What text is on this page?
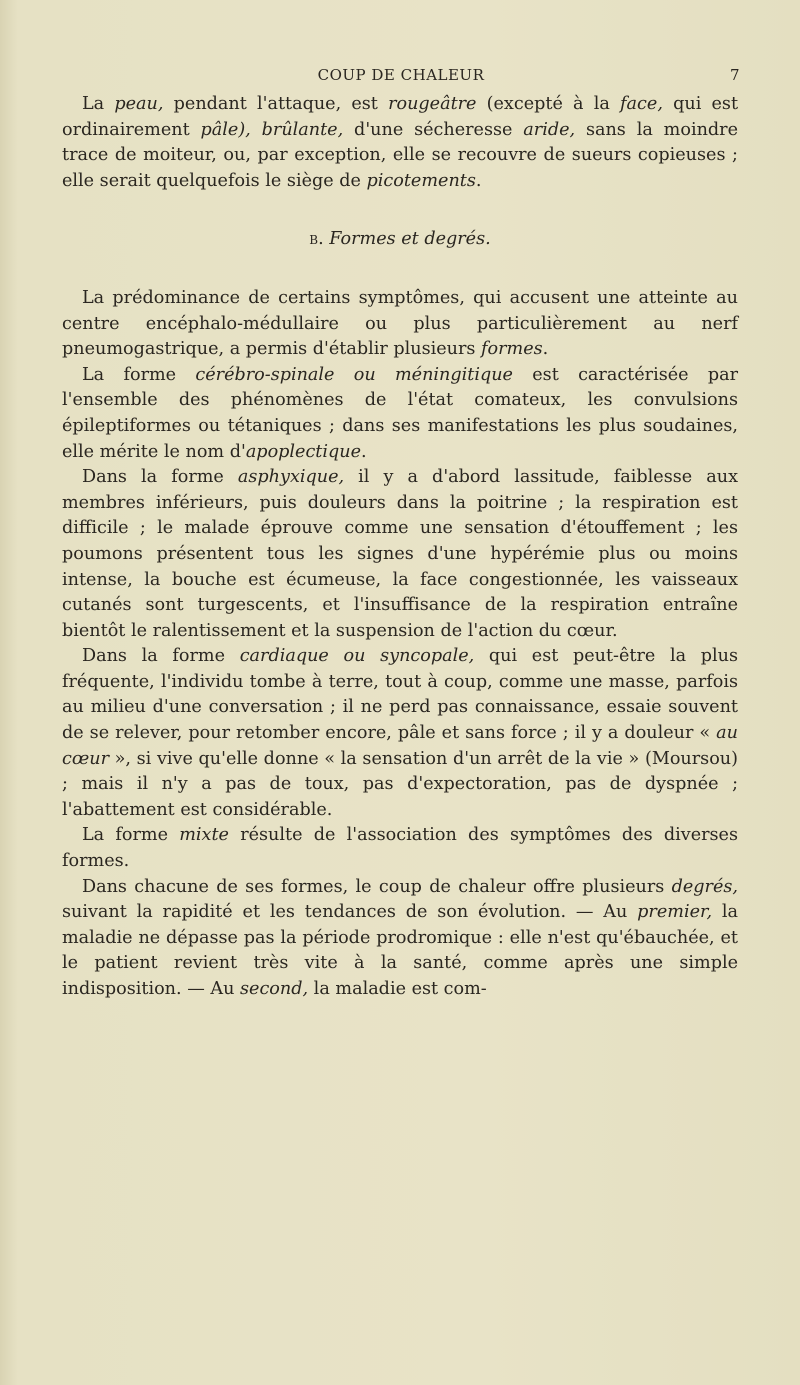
COUP DE CHALEUR	7

La peau, pendant l'attaque, est rougeâtre (excepté à la face, qui est ordinairement pâle), brûlante, d'une sécheresse aride, sans la moindre trace de moiteur, ou, par exception, elle se recouvre de sueurs copieuses ; elle serait quelquefois le siège de picotements.

b. Formes et degrés.

La prédominance de certains symptômes, qui accusent une atteinte au centre encéphalo-médullaire ou plus particulièrement au nerf pneumogastrique, a permis d'établir plusieurs formes.

La forme cérébro-spinale ou méningitique est caractérisée par l'ensemble des phénomènes de l'état comateux, les convulsions épileptiformes ou tétaniques ; dans ses manifestations les plus soudaines, elle mérite le nom d'apoplectique.

Dans la forme asphyxique, il y a d'abord lassitude, faiblesse aux membres inférieurs, puis douleurs dans la poitrine ; la respiration est difficile ; le malade éprouve comme une sensation d'étouffement ; les poumons présentent tous les signes d'une hypérémie plus ou moins intense, la bouche est écumeuse, la face congestionnée, les vaisseaux cutanés sont turgescents, et l'insuffisance de la respiration entraîne bientôt le ralentissement et la suspension de l'action du cœur.

Dans la forme cardiaque ou syncopale, qui est peut-être la plus fréquente, l'individu tombe à terre, tout à coup, comme une masse, parfois au milieu d'une conversation ; il ne perd pas connaissance, essaie souvent de se relever, pour retomber encore, pâle et sans force ; il y a douleur « au cœur », si vive qu'elle donne « la sensation d'un arrêt de la vie » (Moursou) ; mais il n'y a pas de toux, pas d'expectoration, pas de dyspnée ; l'abattement est considérable.

La forme mixte résulte de l'association des symptômes des diverses formes.

Dans chacune de ses formes, le coup de chaleur offre plusieurs degrés, suivant la rapidité et les tendances de son évolution. — Au premier, la maladie ne dépasse pas la période prodromique : elle n'est qu'ébauchée, et le patient revient très vite à la santé, comme après une simple indisposition. — Au second, la maladie est com-
